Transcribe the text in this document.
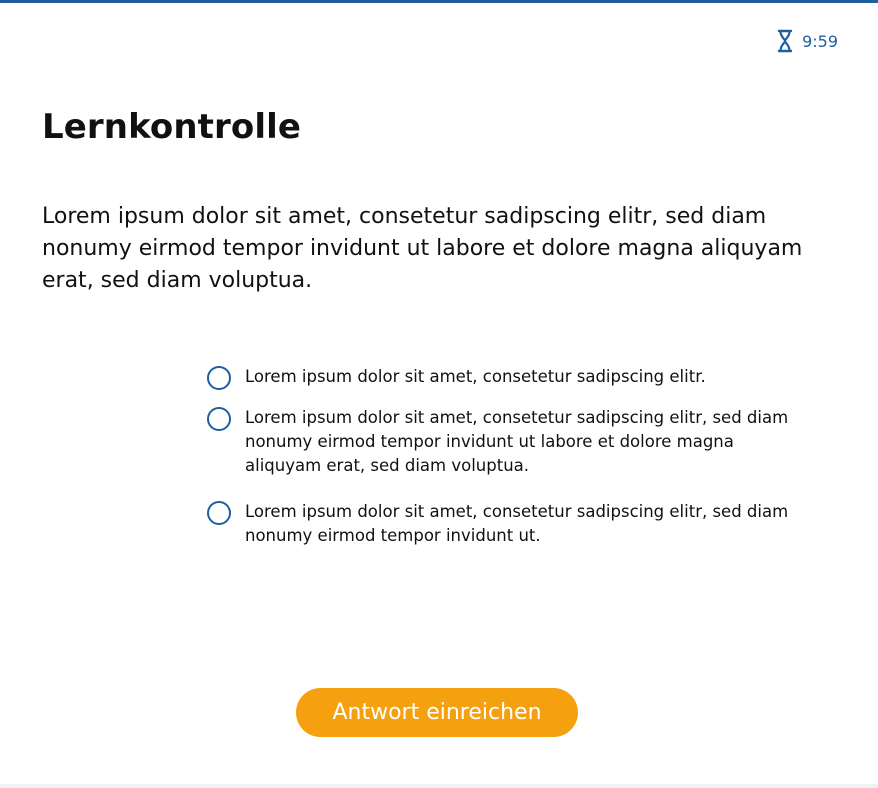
9:59
Lernkontrolle

Lorem ipsum dolor sit amet, consetetur sadipscing elitr, sed diam nonumy eirmod tempor invidunt ut labore et dolore magna aliquyam erat, sed diam voluptua.

Lorem ipsum dolor sit amet, consetetur sadipscing elitr.
Lorem ipsum dolor sit amet, consetetur sadipscing elitr, sed diam nonumy eirmod tempor invidunt ut labore et dolore magna aliquyam erat, sed diam voluptua.
Lorem ipsum dolor sit amet, consetetur sadipscing elitr, sed diam nonumy eirmod tempor invidunt ut.
Antwort einreichen
